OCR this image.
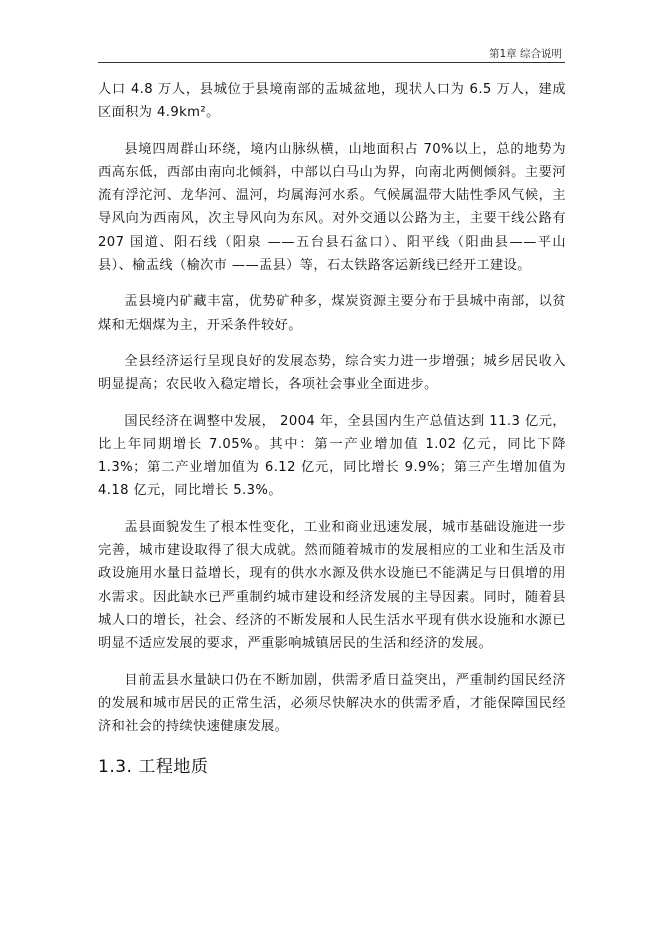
第1章 综合说明

人口 4.8 万人，县城位于县境南部的盂城盆地，现状人口为 6.5 万人，建成区面积为 4.9km²。

县境四周群山环绕，境内山脉纵横，山地面积占 70%以上，总的地势为西高东低，西部由南向北倾斜，中部以白马山为界，向南北两侧倾斜。主要河流有浮沱河、龙华河、温河，均属海河水系。气候属温带大陆性季风气候，主导风向为西南风，次主导风向为东风。对外交通以公路为主，主要干线公路有 207 国道、阳石线（阳泉 ——五台县石盆口）、阳平线（阳曲县——平山县）、榆盂线（榆次市 ——盂县）等，石太铁路客运新线已经开工建设。

盂县境内矿藏丰富，优势矿种多，煤炭资源主要分布于县城中南部，以贫煤和无烟煤为主，开采条件较好。

全县经济运行呈现良好的发展态势，综合实力进一步增强；城乡居民收入明显提高；农民收入稳定增长，各项社会事业全面进步。

国民经济在调整中发展， 2004 年，全县国内生产总值达到 11.3 亿元，比上年同期增长 7.05%。其中：第一产业增加值 1.02 亿元，同比下降 1.3%；第二产业增加值为 6.12 亿元，同比增长 9.9%；第三产生增加值为 4.18 亿元，同比增长 5.3%。

盂县面貌发生了根本性变化，工业和商业迅速发展，城市基础设施进一步完善，城市建设取得了很大成就。然而随着城市的发展相应的工业和生活及市政设施用水量日益增长，现有的供水水源及供水设施已不能满足与日俱增的用水需求。因此缺水已严重制约城市建设和经济发展的主导因素。同时，随着县城人口的增长，社会、经济的不断发展和人民生活水平现有供水设施和水源已明显不适应发展的要求，严重影响城镇居民的生活和经济的发展。

目前盂县水量缺口仍在不断加剧，供需矛盾日益突出，严重制约国民经济的发展和城市居民的正常生活，必须尽快解决水的供需矛盾，才能保障国民经济和社会的持续快速健康发展。

1.3. 工程地质
